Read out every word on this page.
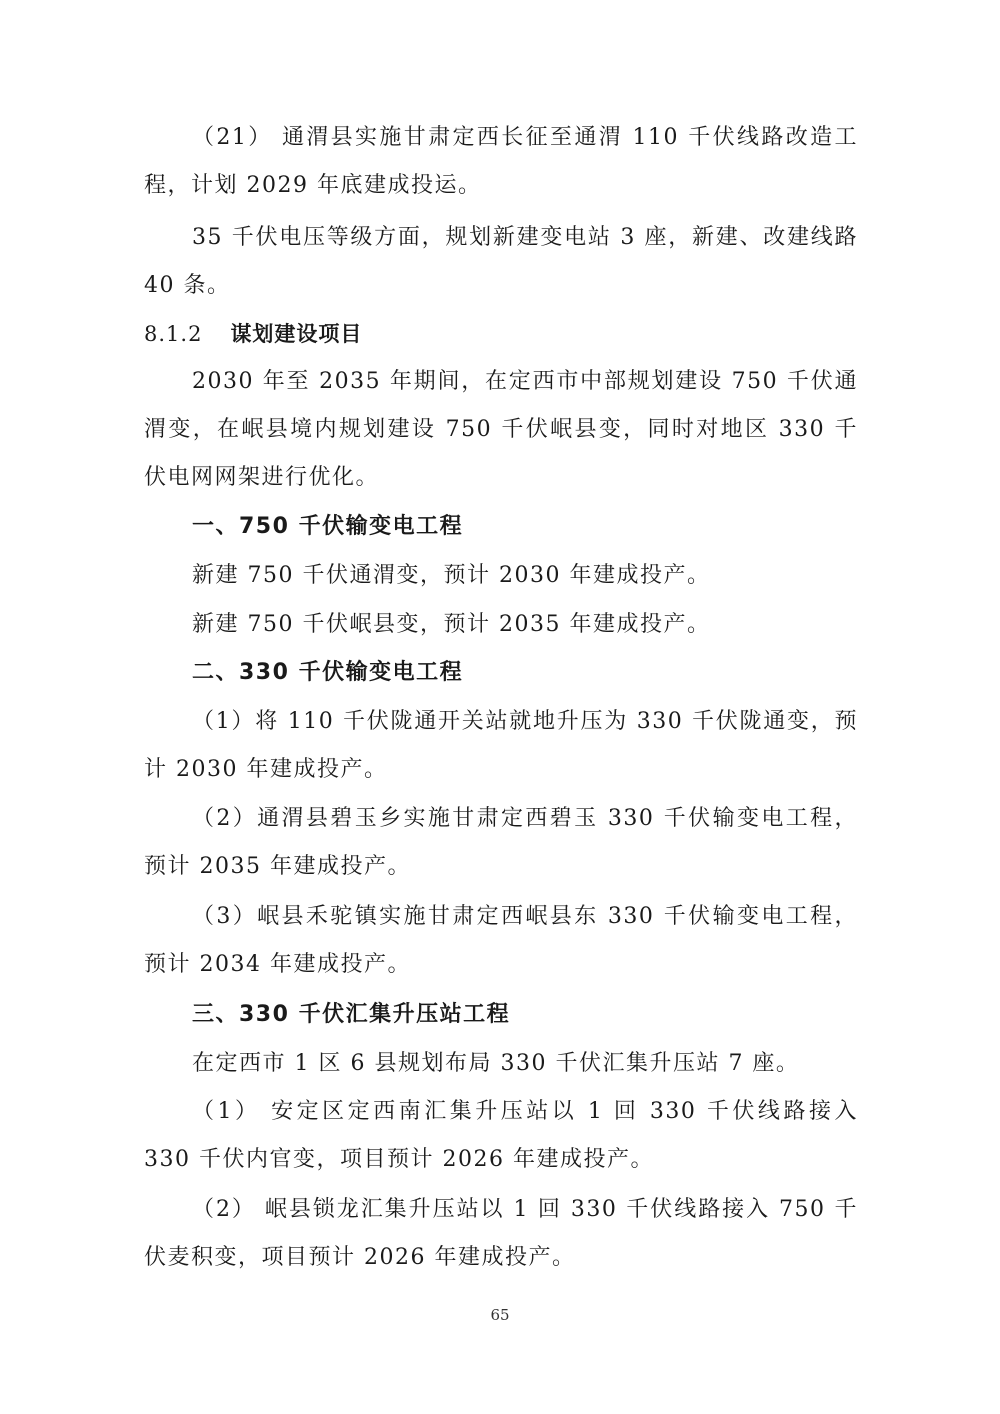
（21） 通渭县实施甘肃定西长征至通渭 110 千伏线路改造工程，计划 2029 年底建成投运。

35 千伏电压等级方面，规划新建变电站 3 座，新建、改建线路 40 条。

8.1.2 谋划建设项目

2030 年至 2035 年期间，在定西市中部规划建设 750 千伏通渭变，在岷县境内规划建设 750 千伏岷县变，同时对地区 330 千伏电网网架进行优化。

一、750 千伏输变电工程

新建 750 千伏通渭变，预计 2030 年建成投产。

新建 750 千伏岷县变，预计 2035 年建成投产。

二、330 千伏输变电工程

（1）将 110 千伏陇通开关站就地升压为 330 千伏陇通变，预计 2030 年建成投产。

（2）通渭县碧玉乡实施甘肃定西碧玉 330 千伏输变电工程，预计 2035 年建成投产。

（3）岷县禾驼镇实施甘肃定西岷县东 330 千伏输变电工程，预计 2034 年建成投产。

三、330 千伏汇集升压站工程

在定西市 1 区 6 县规划布局 330 千伏汇集升压站 7 座。

（1） 安定区定西南汇集升压站以 1 回 330 千伏线路接入 330 千伏内官变，项目预计 2026 年建成投产。

（2） 岷县锁龙汇集升压站以 1 回 330 千伏线路接入 750 千伏麦积变，项目预计 2026 年建成投产。

65
